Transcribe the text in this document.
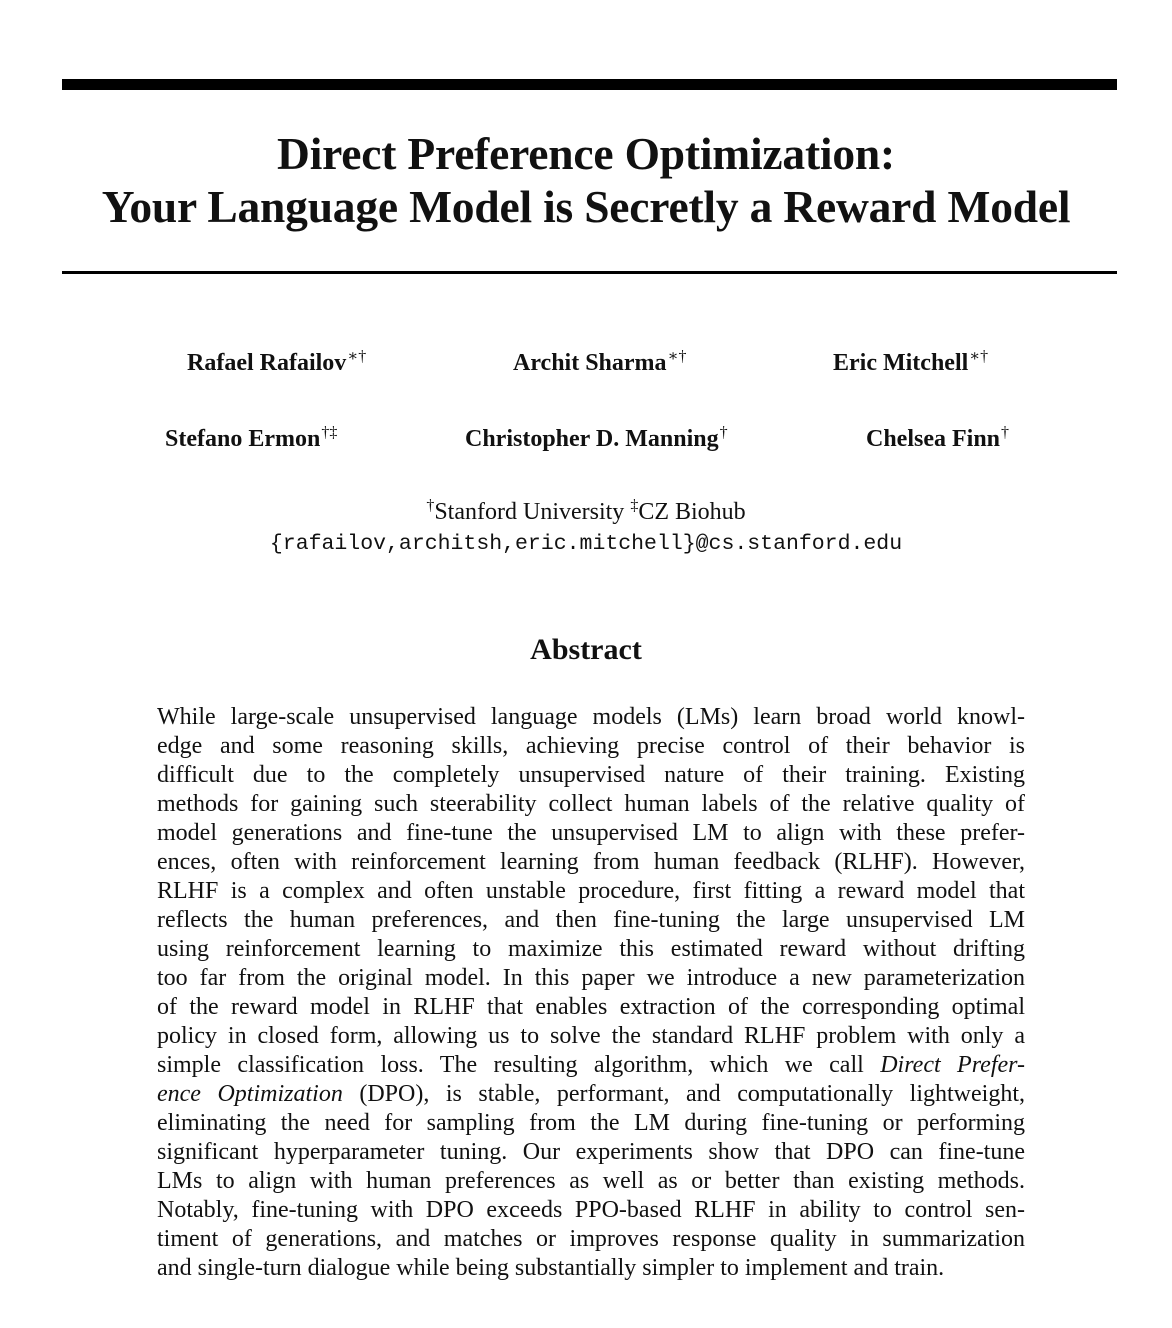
Direct Preference Optimization:
Your Language Model is Secretly a Reward Model
Rafael Rafailov∗†	Archit Sharma∗†	Eric Mitchell∗†
Stefano Ermon†‡	Christopher D. Manning†	Chelsea Finn†
†Stanford University ‡CZ Biohub
{rafailov,architsh,eric.mitchell}@cs.stanford.edu
Abstract
While large-scale unsupervised language models (LMs) learn broad world knowl-
edge and some reasoning skills, achieving precise control of their behavior is
difficult due to the completely unsupervised nature of their training. Existing
methods for gaining such steerability collect human labels of the relative quality of
model generations and fine-tune the unsupervised LM to align with these prefer-
ences, often with reinforcement learning from human feedback (RLHF). However,
RLHF is a complex and often unstable procedure, first fitting a reward model that
reflects the human preferences, and then fine-tuning the large unsupervised LM
using reinforcement learning to maximize this estimated reward without drifting
too far from the original model. In this paper we introduce a new parameterization
of the reward model in RLHF that enables extraction of the corresponding optimal
policy in closed form, allowing us to solve the standard RLHF problem with only a
simple classification loss. The resulting algorithm, which we call Direct Prefer-
ence Optimization (DPO), is stable, performant, and computationally lightweight,
eliminating the need for sampling from the LM during fine-tuning or performing
significant hyperparameter tuning. Our experiments show that DPO can fine-tune
LMs to align with human preferences as well as or better than existing methods.
Notably, fine-tuning with DPO exceeds PPO-based RLHF in ability to control sen-
timent of generations, and matches or improves response quality in summarization
and single-turn dialogue while being substantially simpler to implement and train.
